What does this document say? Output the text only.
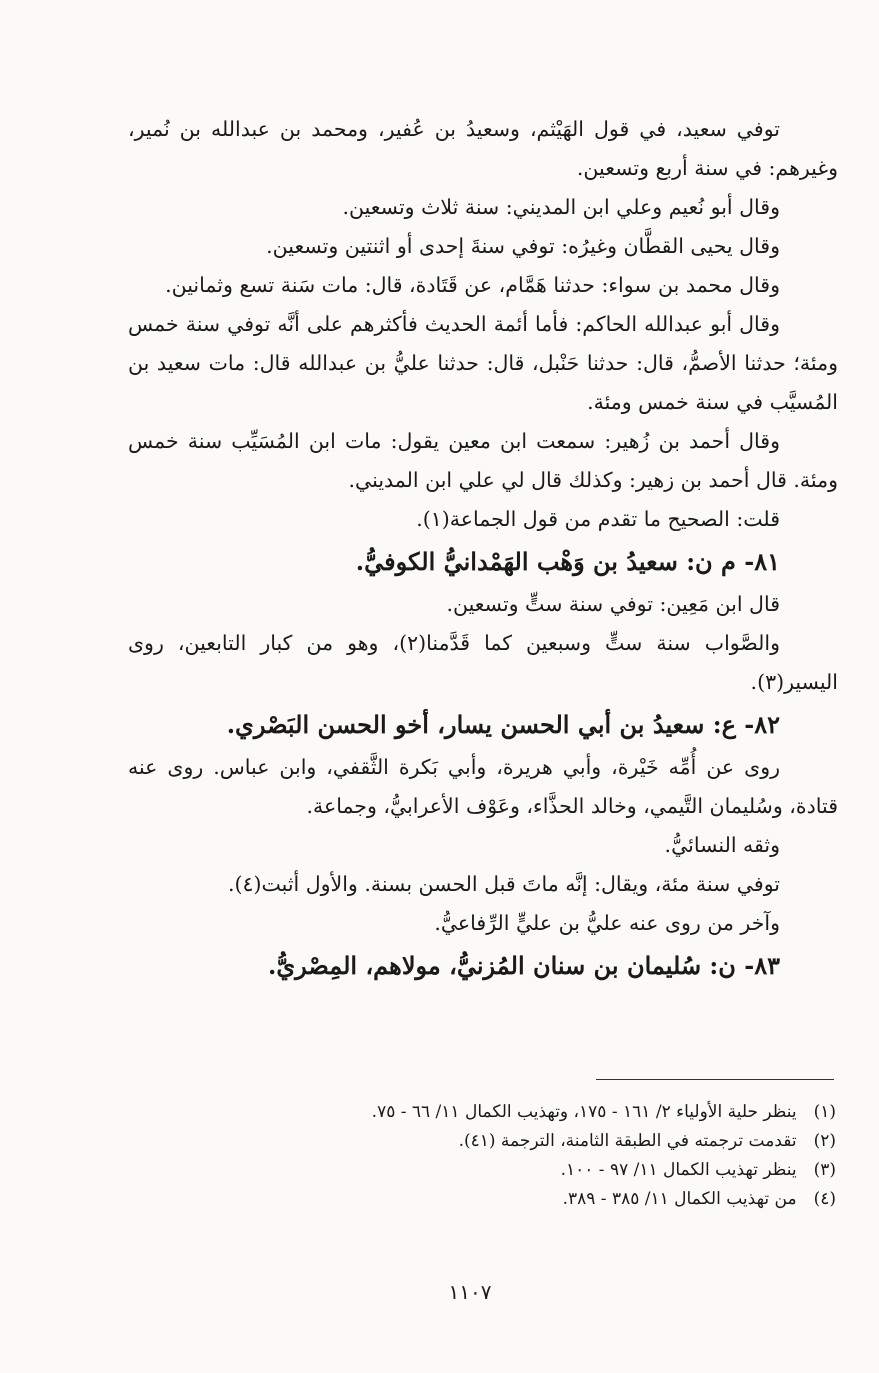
توفي سعيد، في قول الهَيْثم، وسعيدُ بن عُفير، ومحمد بن عبدالله بن نُمير، وغيرهم: في سنة أربع وتسعين.

وقال أبو نُعيم وعلي ابن المديني: سنة ثلاث وتسعين.

وقال يحيى القطَّان وغيرُه: توفي سنةَ إحدى أو اثنتين وتسعين.

وقال محمد بن سواء: حدثنا هَمَّام، عن قَتَادة، قال: مات سَنة تسع وثمانين.

وقال أبو عبدالله الحاكم: فأما أئمة الحديث فأكثرهم على أنَّه توفي سنة خمس ومئة؛ حدثنا الأصمُّ، قال: حدثنا حَنْبل، قال: حدثنا عليُّ بن عبدالله قال: مات سعيد بن المُسيَّب في سنة خمس ومئة.

وقال أحمد بن زُهير: سمعت ابن معين يقول: مات ابن المُسَيِّب سنة خمس ومئة. قال أحمد بن زهير: وكذلك قال لي علي ابن المديني.

قلت: الصحيح ما تقدم من قول الجماعة(١).

٨١- م ن: سعيدُ بن وَهْب الهَمْدانيُّ الكوفيُّ.

قال ابن مَعِين: توفي سنة ستٍّ وتسعين.

والصَّواب سنة ستٍّ وسبعين كما قَدَّمنا(٢)، وهو من كبار التابعين، روى اليسير(٣).

٨٢- ع: سعيدُ بن أبي الحسن يسار، أخو الحسن البَصْري.

روى عن أُمِّه خَيْرة، وأبي هريرة، وأبي بَكرة الثَّقفي، وابن عباس. روى عنه قتادة، وسُليمان التَّيمي، وخالد الحذَّاء، وعَوْف الأعرابيُّ، وجماعة.

وثقه النسائيُّ.

توفي سنة مئة، ويقال: إنَّه ماتَ قبل الحسن بسنة. والأول أثبت(٤).

وآخر من روى عنه عليُّ بن عليٍّ الرِّفاعيُّ.

٨٣- ن: سُليمان بن سنان المُزنيُّ، مولاهم، المِصْريُّ.

(١) ينظر حلية الأولياء ٢/ ١٦١ - ١٧٥، وتهذيب الكمال ١١/ ٦٦ - ٧٥.

(٢) تقدمت ترجمته في الطبقة الثامنة، الترجمة (٤١).

(٣) ينظر تهذيب الكمال ١١/ ٩٧ - ١٠٠.

(٤) من تهذيب الكمال ١١/ ٣٨٥ - ٣٨٩.

١١٠٧
